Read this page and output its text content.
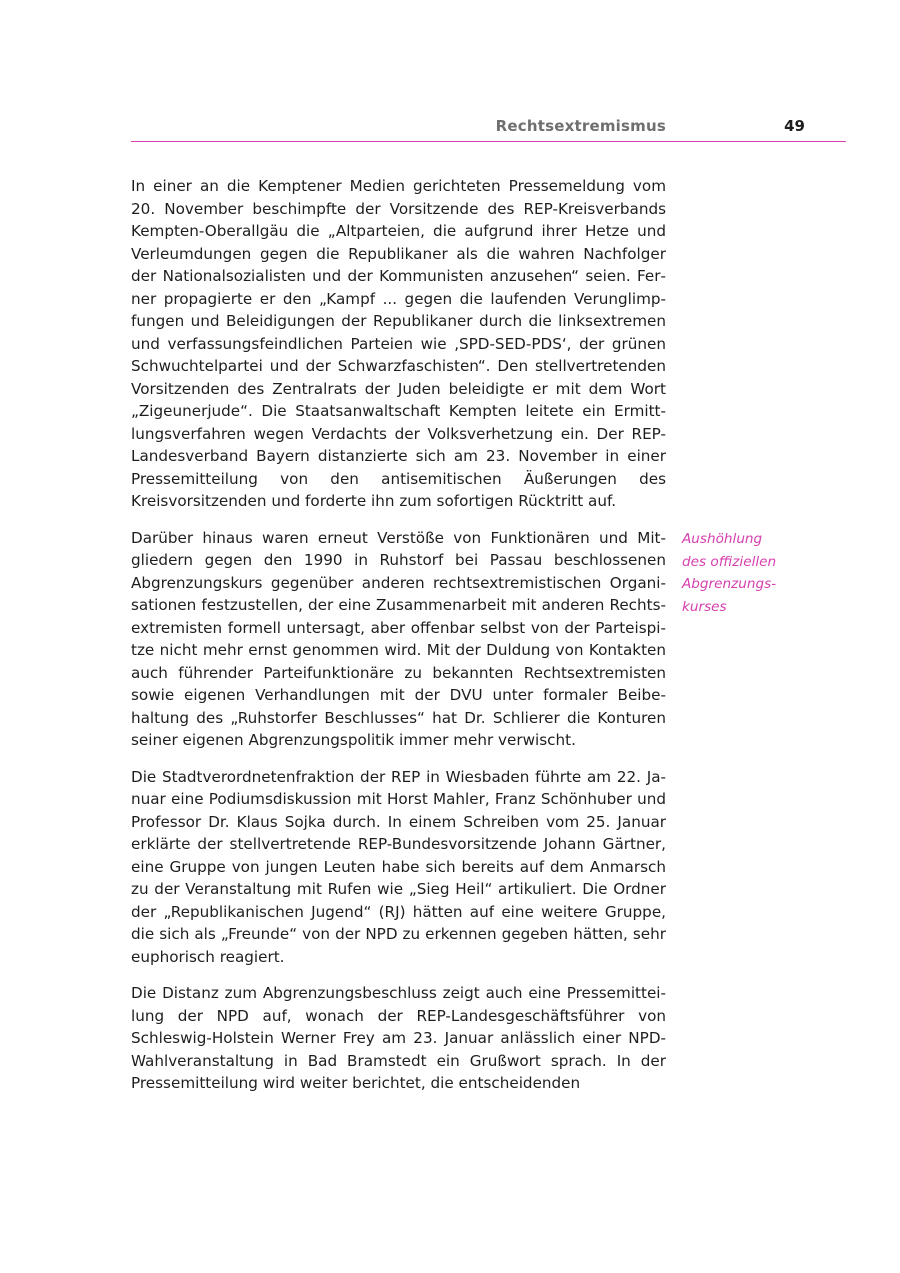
Rechtsextremismus	49

In einer an die Kemptener Medien gerichteten Pressemeldung vom 20. November beschimpfte der Vorsitzende des REP-Kreisverbands Kempten-Oberallgäu die „Altparteien, die aufgrund ihrer Hetze und Verleumdungen gegen die Republikaner als die wahren Nachfolger der Nationalsozialisten und der Kommunisten anzusehen“ seien. Ferner propagierte er den „Kampf ... gegen die laufenden Verunglimpfungen und Beleidigungen der Republikaner durch die linksextremen und verfassungsfeindlichen Parteien wie ‚SPD-SED-PDS‘, der grünen Schwuchtelpartei und der Schwarzfaschisten“. Den stellvertretenden Vorsitzenden des Zentralrats der Juden beleidigte er mit dem Wort „Zigeunerjude“. Die Staatsanwaltschaft Kempten leitete ein Ermittlungsverfahren wegen Verdachts der Volksverhetzung ein. Der REP-Landesverband Bayern distanzierte sich am 23. November in einer Pressemitteilung von den antisemitischen Äußerungen des Kreisvorsitzenden und forderte ihn zum sofortigen Rücktritt auf.

Darüber hinaus waren erneut Verstöße von Funktionären und Mitgliedern gegen den 1990 in Ruhstorf bei Passau beschlossenen Abgrenzungskurs gegenüber anderen rechtsextremistischen Organisationen festzustellen, der eine Zusammenarbeit mit anderen Rechtsextremisten formell untersagt, aber offenbar selbst von der Parteispitze nicht mehr ernst genommen wird. Mit der Duldung von Kontakten auch führender Parteifunktionäre zu bekannten Rechtsextremisten sowie eigenen Verhandlungen mit der DVU unter formaler Beibehaltung des „Ruhstorfer Beschlusses“ hat Dr. Schlierer die Konturen seiner eigenen Abgrenzungspolitik immer mehr verwischt.

Die Stadtverordnetenfraktion der REP in Wiesbaden führte am 22. Januar eine Podiumsdiskussion mit Horst Mahler, Franz Schönhuber und Professor Dr. Klaus Sojka durch. In einem Schreiben vom 25. Januar erklärte der stellvertretende REP-Bundesvorsitzende Johann Gärtner, eine Gruppe von jungen Leuten habe sich bereits auf dem Anmarsch zu der Veranstaltung mit Rufen wie „Sieg Heil“ artikuliert. Die Ordner der „Republikanischen Jugend“ (RJ) hätten auf eine weitere Gruppe, die sich als „Freunde“ von der NPD zu erkennen gegeben hätten, sehr euphorisch reagiert.

Die Distanz zum Abgrenzungsbeschluss zeigt auch eine Pressemitteilung der NPD auf, wonach der REP-Landesgeschäftsführer von Schleswig-Holstein Werner Frey am 23. Januar anlässlich einer NPD-Wahlveranstaltung in Bad Bramstedt ein Grußwort sprach. In der Pressemitteilung wird weiter berichtet, die entscheidenden

Aushöhlung
des offiziellen
Abgrenzungs-
kurses
